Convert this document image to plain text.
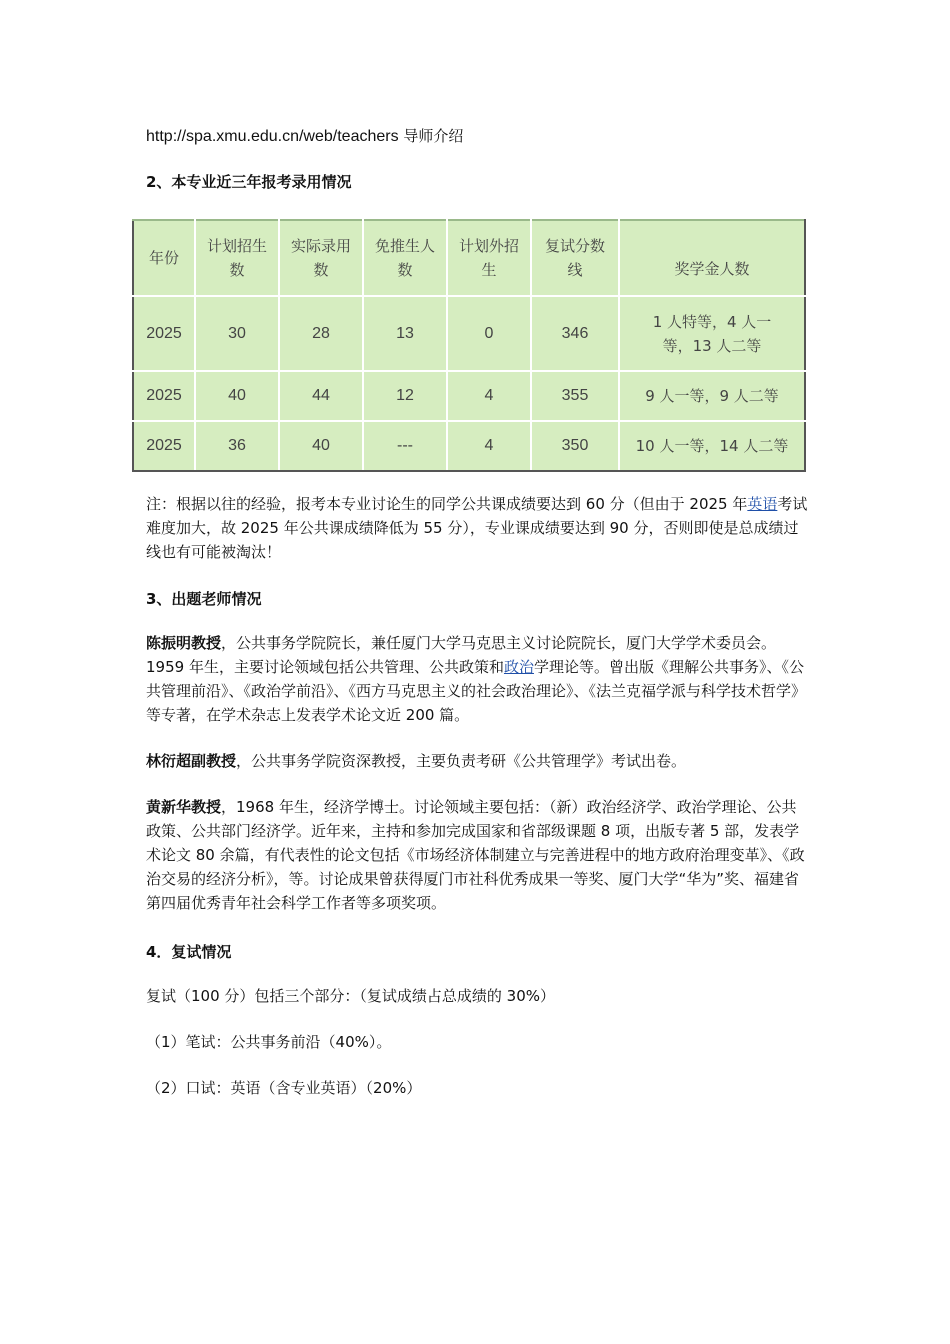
http://spa.xmu.edu.cn/web/teachers 导师介绍

2、本专业近三年报考录用情况

年份	计划招生数	实际录用数	免推生人数	计划外招生	复试分数线	奖学金人数
2025	30	28	13	0	346	1 人特等，4 人一等，13 人二等
2025	40	44	12	4	355	9 人一等，9 人二等
2025	36	40	---	4	350	10 人一等，14 人二等

注：根据以往的经验，报考本专业讨论生的同学公共课成绩要达到 60 分（但由于 2025 年英语考试难度加大，故 2025 年公共课成绩降低为 55 分），专业课成绩要达到 90 分，否则即使是总成绩过线也有可能被淘汰！

3、出题老师情况

陈振明教授，公共事务学院院长，兼任厦门大学马克思主义讨论院院长，厦门大学学术委员会。1959 年生，主要讨论领域包括公共管理、公共政策和政治学理论等。曾出版《理解公共事务》、《公共管理前沿》、《政治学前沿》、《西方马克思主义的社会政治理论》、《法兰克福学派与科学技术哲学》等专著，在学术杂志上发表学术论文近 200 篇。

林衍超副教授，公共事务学院资深教授，主要负责考研《公共管理学》考试出卷。

黄新华教授，1968 年生，经济学博士。讨论领域主要包括：（新）政治经济学、政治学理论、公共政策、公共部门经济学。近年来，主持和参加完成国家和省部级课题 8 项，出版专著 5 部，发表学术论文 80 余篇，有代表性的论文包括《市场经济体制建立与完善进程中的地方政府治理变革》、《政治交易的经济分析》，等。讨论成果曾获得厦门市社科优秀成果一等奖、厦门大学“华为”奖、福建省第四届优秀青年社会科学工作者等多项奖项。

4．复试情况

复试（100 分）包括三个部分：（复试成绩占总成绩的 30%）

（1）笔试：公共事务前沿（40%）。

（2）口试：英语（含专业英语）（20%）
